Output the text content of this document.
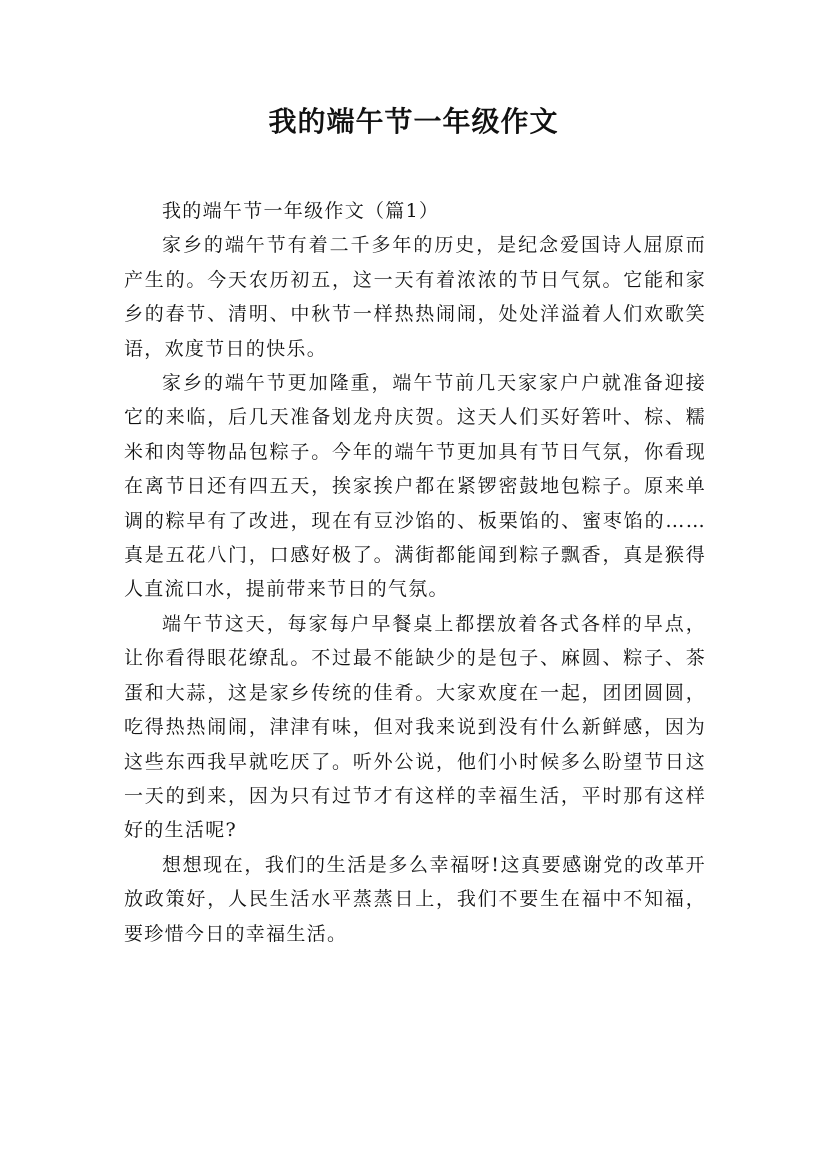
我的端午节一年级作文

我的端午节一年级作文（篇1）

家乡的端午节有着二千多年的历史，是纪念爱国诗人屈原而产生的。今天农历初五，这一天有着浓浓的节日气氛。它能和家乡的春节、清明、中秋节一样热热闹闹，处处洋溢着人们欢歌笑语，欢度节日的快乐。

家乡的端午节更加隆重，端午节前几天家家户户就准备迎接它的来临，后几天准备划龙舟庆贺。这天人们买好箬叶、棕、糯米和肉等物品包粽子。今年的端午节更加具有节日气氛，你看现在离节日还有四五天，挨家挨户都在紧锣密鼓地包粽子。原来单调的粽早有了改进，现在有豆沙馅的、板栗馅的、蜜枣馅的……真是五花八门，口感好极了。满街都能闻到粽子飘香，真是猴得人直流口水，提前带来节日的气氛。

端午节这天，每家每户早餐桌上都摆放着各式各样的早点，让你看得眼花缭乱。不过最不能缺少的是包子、麻圆、粽子、茶蛋和大蒜，这是家乡传统的佳肴。大家欢度在一起，团团圆圆，吃得热热闹闹，津津有味，但对我来说到没有什么新鲜感，因为这些东西我早就吃厌了。听外公说，他们小时候多么盼望节日这一天的到来，因为只有过节才有这样的幸福生活，平时那有这样好的生活呢?

想想现在，我们的生活是多么幸福呀!这真要感谢党的改革开放政策好，人民生活水平蒸蒸日上，我们不要生在福中不知福，要珍惜今日的幸福生活。
